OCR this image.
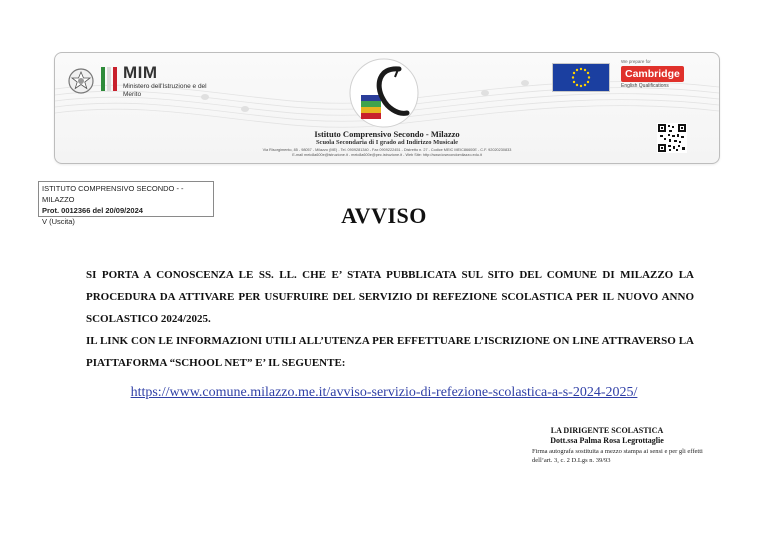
MIM
Ministero dell'Istruzione e del Merito
Istituto Comprensivo Secondo - Milazzo
Scuola Secondaria di I grado ad Indirizzo Musicale
Via Risorgimento, 85 - 98057 - Milazzo (ME) - Tel. 0909281340 - Fax 0909222451 - Distretto n. 27 - Codice MEIC MEIC86600E - C.F. 92020230833
E-mail meic8a600e@istruzione.it - meic8a600e@pec.istruzione.it - Web Site: http://www.icsecondomilazzo.edu.it
We prepare for
Cambridge
English Qualifications
ISTITUTO COMPRENSIVO SECONDO - -MILAZZO
Prot. 0012366 del 20/09/2024
V (Uscita)	AVVISO
SI PORTA A CONOSCENZA LE SS. LL. CHE E’ STATA PUBBLICATA SUL SITO DEL COMUNE DI MILAZZO LA PROCEDURA DA ATTIVARE PER USUFRUIRE DEL SERVIZIO DI REFEZIONE SCOLASTICA PER IL NUOVO ANNO SCOLASTICO 2024/2025.
IL LINK CON LE INFORMAZIONI UTILI ALL’UTENZA PER EFFETTUARE L’ISCRIZIONE ON LINE ATTRAVERSO LA PIATTAFORMA “SCHOOL NET” E’ IL SEGUENTE:
https://www.comune.milazzo.me.it/avviso-servizio-di-refezione-scolastica-a-s-2024-2025/
LA DIRIGENTE SCOLASTICA
Dott.ssa Palma Rosa Legrottaglie
Firma autografa sostituita a mezzo stampa ai sensi e per gli effetti dell’art. 3, c. 2 D.Lgs n. 39/93
